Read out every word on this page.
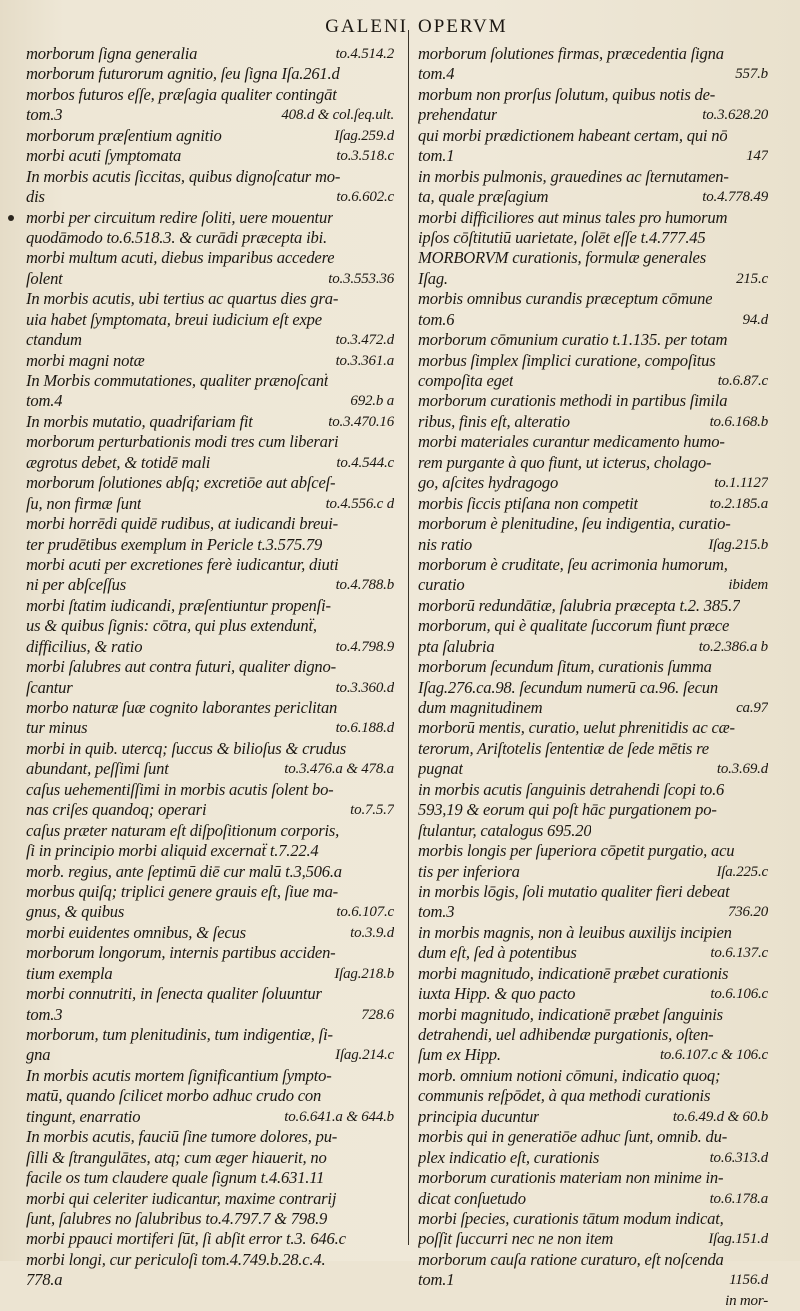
GALENI OPERVM
morborum ſigna generalia	to.4.514.2
morborum futurorum agnitio, ſeu ſigna Iſa.261.d
morbos futuros eſſe, præſagia qualiter contingāt
tom.3	408.d & col.ſeq.ult.
morborum præſentium agnitio	Iſag.259.d
morbi acuti ſymptomata	to.3.518.c
In morbis acutis ſiccitas, quibus dignoſcatur mo-
dis	to.6.602.c
morbi per circuitum redire ſoliti, uere mouentur
quodāmodo to.6.518.3. & curādi præcepta ibi.
morbi multum acuti, diebus imparibus accedere
ſolent	to.3.553.36
In morbis acutis, ubi tertius ac quartus dies gra-
uia habet ſymptomata, breui iudicium eſt expe
ctandum	to.3.472.d
morbi magni notæ	to.3.361.a
In Morbis commutationes, qualiter prænoſcanẗ
tom.4	692.b a
In morbis mutatio, quadrifariam fit	to.3.470.16
morborum perturbationis modi tres cum liberari
ægrotus debet, & totidē mali	to.4.544.c
morborum ſolutiones abſq; excretiōe aut abſceſ-
ſu, non firmæ ſunt	to.4.556.c d
morbi horrēdi quidē rudibus, at iudicandi breui-
ter prudētibus exemplum in Pericle t.3.575.79
morbi acuti per excretiones ferè iudicantur, diuti
ni per abſceſſus	to.4.788.b
morbi ſtatim iudicandi, præſentiuntur propenſi-
us & quibus ſignis: cōtra, qui plus extendunẗ,
difficilius, & ratio	to.4.798.9
morbi ſalubres aut contra futuri, qualiter digno-
ſcantur	to.3.360.d
morbo naturæ ſuæ cognito laborantes periclitan
tur minus	to.6.188.d
morbi in quib. utercq; ſuccus & bilioſus & crudus
abundant, peſſimi ſunt	to.3.476.a & 478.a
caſus uehementiſſimi in morbis acutis ſolent bo-
nas criſes quandoq; operari	to.7.5.7
caſus præter naturam eſt diſpoſitionum corporis,
ſi in principio morbi aliquid excernaẗ t.7.22.4
morb. regius, ante ſeptimū diē cur malū t.3,506.a
morbus quiſq; triplici genere grauis eſt, ſiue ma-
gnus, & quibus	to.6.107.c
morbi euidentes omnibus, & ſecus	to.3.9.d
morborum longorum, internis partibus acciden-
tium exempla	Iſag.218.b
morbi connutriti, in ſenecta qualiter ſoluuntur
tom.3	728.6
morborum, tum plenitudinis, tum indigentiæ, ſi-
gna	Iſag.214.c
In morbis acutis mortem ſignificantium ſympto-
matū, quando ſcilicet morbo adhuc crudo con
tingunt, enarratio	to.6.641.a & 644.b
In morbis acutis, fauciū ſine tumore dolores, pu-
ſilli & ſtrangulātes, atq; cum æger hiauerit, no
facile os tum claudere quale ſignum t.4.631.11
morbi qui celeriter iudicantur, maxime contrarij
ſunt, ſalubres no ſalubribus to.4.797.7 & 798.9
morbi ppauci mortiferi ſūt, ſi abſit error t.3. 646.c
morbi longi, cur periculoſi tom.4.749.b.28.c.4.
778.a
morborum ſolutiones firmas, præcedentia ſigna
tom.4	557.b
morbum non prorſus ſolutum, quibus notis de-
prehendatur	to.3.628.20
qui morbi prædictionem habeant certam, qui nō
tom.1	147
in morbis pulmonis, grauedines ac ſternutamen-
ta, quale præſagium	to.4.778.49
morbi difficiliores aut minus tales pro humorum
ipſos cōſtitutiū uarietate, ſolēt eſſe t.4.777.45
MORBORVM curationis, formulæ generales
Iſag.	215.c
morbis omnibus curandis præceptum cōmune
tom.6	94.d
morborum cōmunium curatio t.1.135. per totam
morbus ſimplex ſimplici curatione, compoſitus
compoſita eget	to.6.87.c
morborum curationis methodi in partibus ſimila
ribus, finis eſt, alteratio	to.6.168.b
morbi materiales curantur medicamento humo-
rem purgante à quo fiunt, ut icterus, cholago-
go, aſcites hydragogo	to.1.1127
morbis ſiccis ptiſana non competit	to.2.185.a
morborum è plenitudine, ſeu indigentia, curatio-
nis ratio	Iſag.215.b
morborum è cruditate, ſeu acrimonia humorum,
curatio	ibidem
morborū redundātiæ, ſalubria præcepta t.2. 385.7
morborum, qui è qualitate ſuccorum fiunt præce
pta ſalubria	to.2.386.a b
morborum ſecundum ſitum, curationis ſumma
Iſag.276.ca.98. ſecundum numerū ca.96. ſecun
dum magnitudinem	ca.97
morborū mentis, curatio, uelut phrenitidis ac cæ-
terorum, Ariſtotelis ſententiæ de ſede mētis re
pugnat	to.3.69.d
in morbis acutis ſanguinis detrahendi ſcopi to.6
593,19 & eorum qui poſt hāc purgationem po-
ſtulantur, catalogus 695.20
morbis longis per ſuperiora cōpetit purgatio, acu
tis per inferiora	Iſa.225.c
in morbis lōgis, ſoli mutatio qualiter fieri debeat
tom.3	736.20
in morbis magnis, non à leuibus auxilijs incipien
dum eſt, ſed à potentibus	to.6.137.c
morbi magnitudo, indicationē præbet curationis
iuxta Hipp. & quo pacto	to.6.106.c
morbi magnitudo, indicationē præbet ſanguinis
detrahendi, uel adhibendæ purgationis, oſten-
ſum ex Hipp.	to.6.107.c & 106.c
morb. omnium notioni cōmuni, indicatio quoq;
communis reſpōdet, à qua methodi curationis
principia ducuntur	to.6.49.d & 60.b
morbis qui in generatiōe adhuc ſunt, omnib. du-
plex indicatio eſt, curationis	to.6.313.d
morborum curationis materiam non minime in-
dicat conſuetudo	to.6.178.a
morbi ſpecies, curationis tātum modum indicat,
poſſit ſuccurri nec ne non item	Iſag.151.d
morborum cauſa ratione curaturo, eſt noſcenda
tom.1	1156.d
in mor-
